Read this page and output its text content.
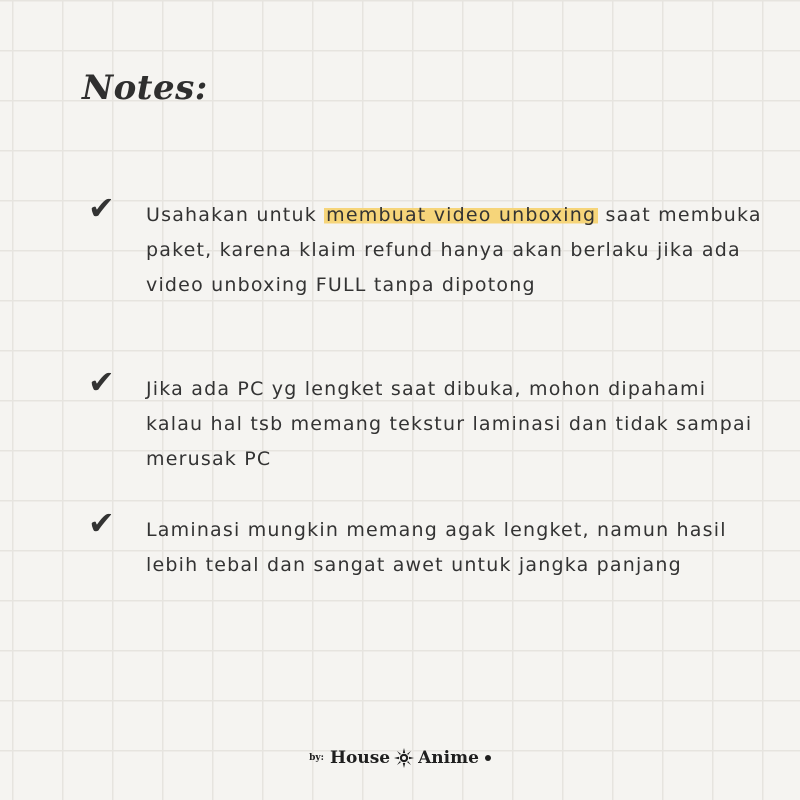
Notes:
✔ Usahakan untuk membuat video unboxing saat membuka paket, karena klaim refund hanya akan berlaku jika ada video unboxing FULL tanpa dipotong
✔ Jika ada PC yg lengket saat dibuka, mohon dipahami kalau hal tsb memang tekstur laminasi dan tidak sampai merusak PC
✔ Laminasi mungkin memang agak lengket, namun hasil lebih tebal dan sangat awet untuk jangka panjang
by: House Anime
